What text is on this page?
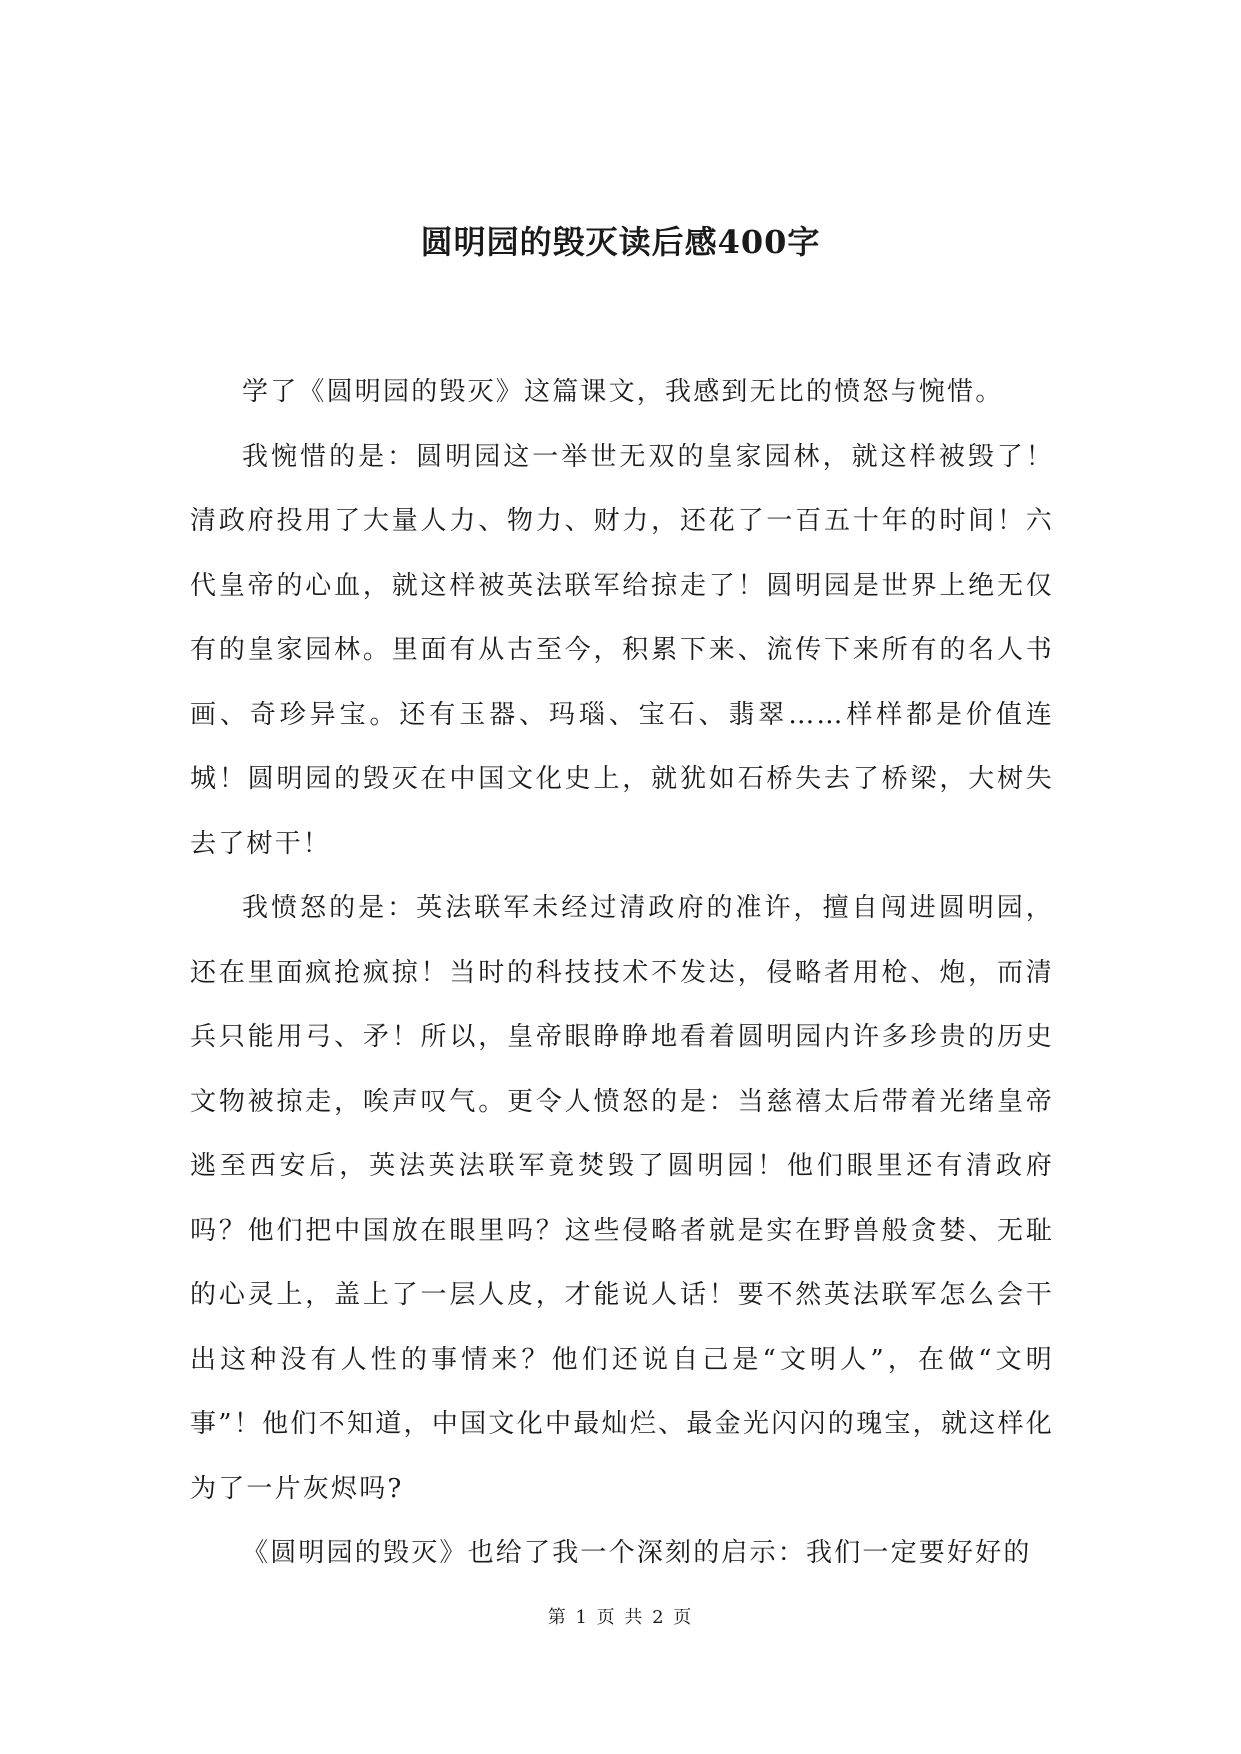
圆明园的毁灭读后感400字

学了《圆明园的毁灭》这篇课文，我感到无比的愤怒与惋惜。

我惋惜的是：圆明园这一举世无双的皇家园林，就这样被毁了！清政府投用了大量人力、物力、财力，还花了一百五十年的时间！六代皇帝的心血，就这样被英法联军给掠走了！圆明园是世界上绝无仅有的皇家园林。里面有从古至今，积累下来、流传下来所有的名人书画、奇珍异宝。还有玉器、玛瑙、宝石、翡翠……样样都是价值连城！圆明园的毁灭在中国文化史上，就犹如石桥失去了桥梁，大树失去了树干！

我愤怒的是：英法联军未经过清政府的准许，擅自闯进圆明园，还在里面疯抢疯掠！当时的科技技术不发达，侵略者用枪、炮，而清兵只能用弓、矛！所以，皇帝眼睁睁地看着圆明园内许多珍贵的历史文物被掠走，唉声叹气。更令人愤怒的是：当慈禧太后带着光绪皇帝逃至西安后，英法英法联军竟焚毁了圆明园！他们眼里还有清政府吗？他们把中国放在眼里吗？这些侵略者就是实在野兽般贪婪、无耻的心灵上，盖上了一层人皮，才能说人话！要不然英法联军怎么会干出这种没有人性的事情来？他们还说自己是“文明人”，在做“文明事”！他们不知道，中国文化中最灿烂、最金光闪闪的瑰宝，就这样化为了一片灰烬吗?

《圆明园的毁灭》也给了我一个深刻的启示：我们一定要好好的

第 1 页 共 2 页
